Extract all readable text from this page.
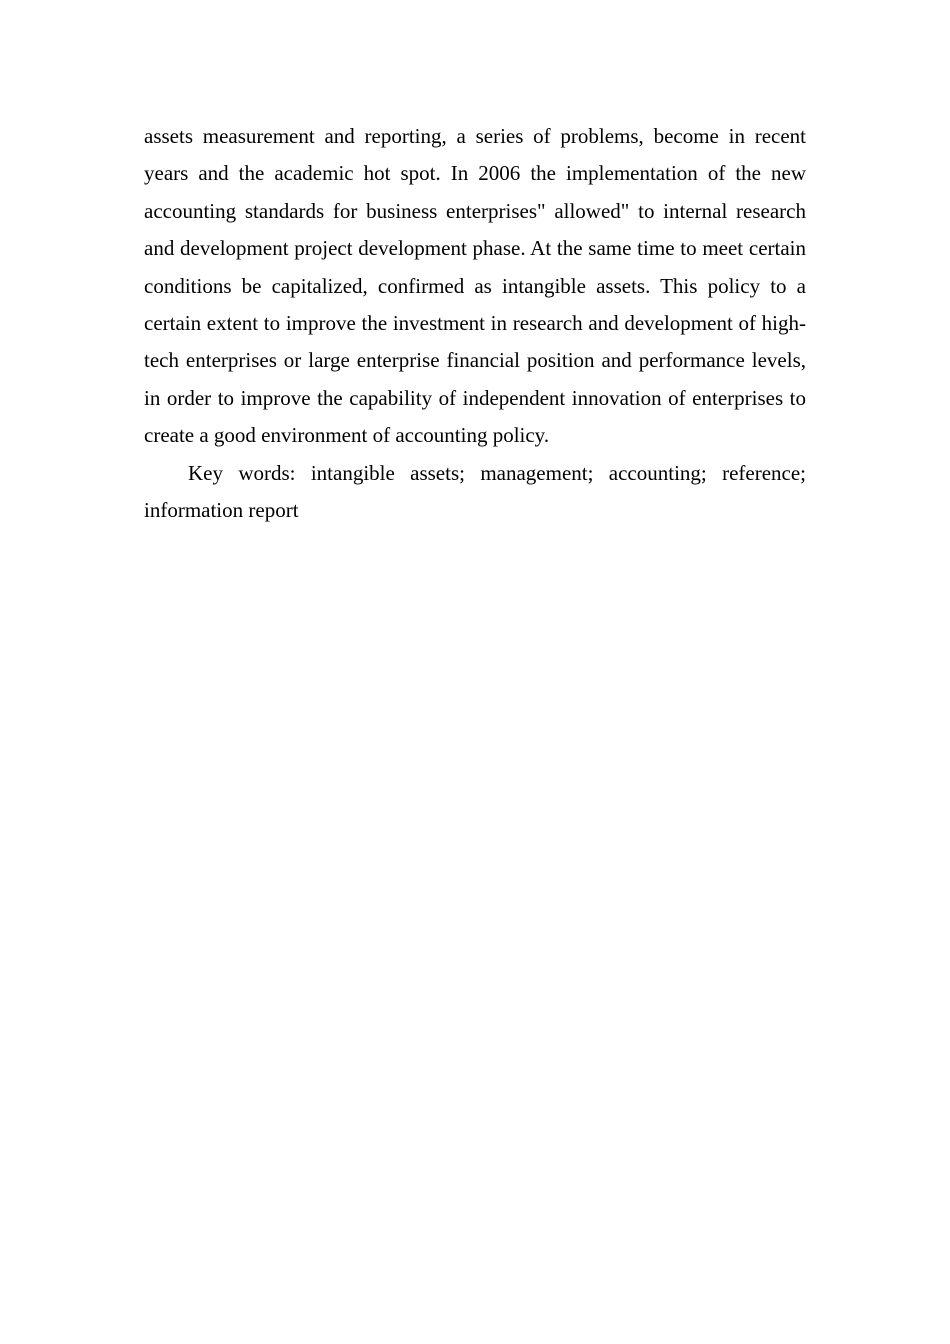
assets measurement and reporting, a series of problems, become in recent years and the academic hot spot. In 2006 the implementation of the new accounting standards for business enterprises" allowed" to internal research and development project development phase. At the same time to meet certain conditions be capitalized, confirmed as intangible assets. This policy to a certain extent to improve the investment in research and development of high-tech enterprises or large enterprise financial position and performance levels, in order to improve the capability of independent innovation of enterprises to create a good environment of accounting policy.

Key words: intangible assets; management; accounting; reference; information report
